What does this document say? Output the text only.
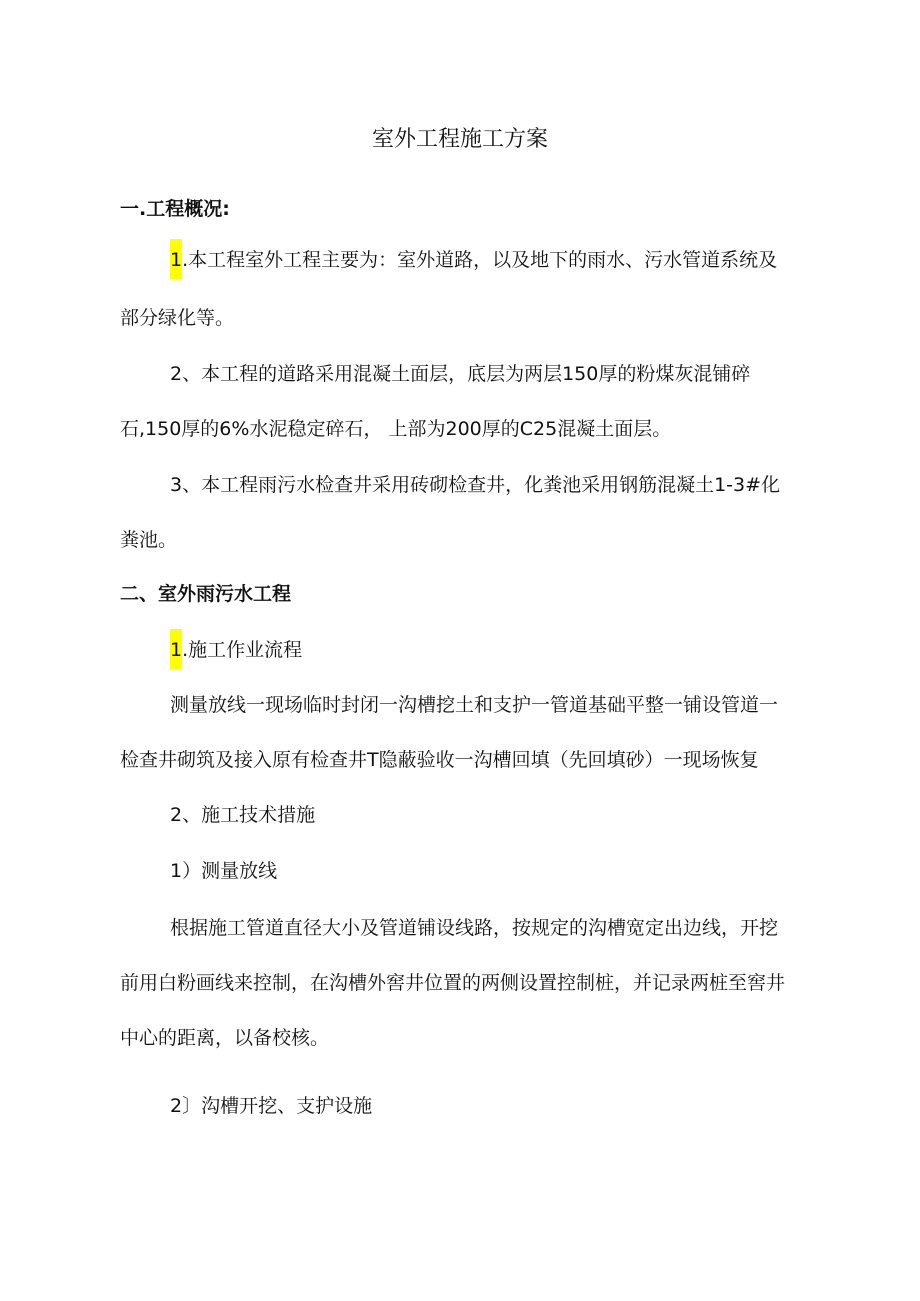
室外工程施工方案
一.工程概况:
1.本工程室外工程主要为：室外道路，以及地下的雨水、污水管道系统及
部分绿化等。
2、本工程的道路采用混凝土面层，底层为两层150厚的粉煤灰混铺碎
石,150厚的6%水泥稳定碎石， 上部为200厚的C25混凝土面层。
3、本工程雨污水检查井采用砖砌检查井，化粪池采用钢筋混凝土1-3#化
粪池。
二、室外雨污水工程
1.施工作业流程
测量放线一现场临时封闭一沟槽挖土和支护一管道基础平整一铺设管道一
检查井砌筑及接入原有检查井T隐蔽验收一沟槽回填（先回填砂）一现场恢复
2、施工技术措施
1）测量放线
根据施工管道直径大小及管道铺设线路，按规定的沟槽宽定出边线，开挖
前用白粉画线来控制，在沟槽外窖井位置的两侧设置控制桩，并记录两桩至窖井
中心的距离，以备校核。
2〕沟槽开挖、支护设施
